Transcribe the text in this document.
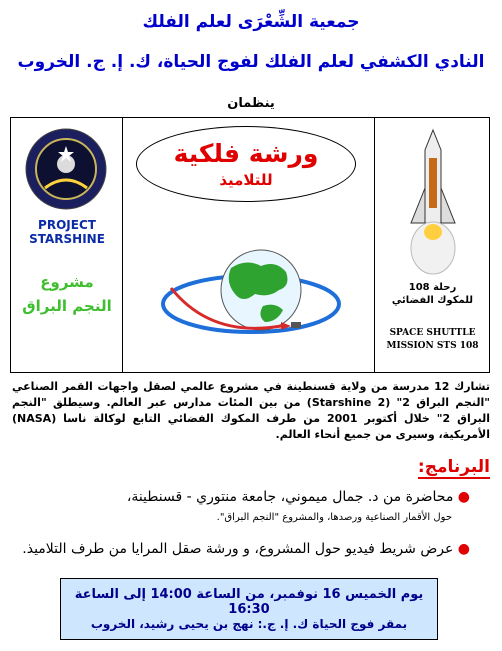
جمعية الشِّعْرَى لعلم الفلك
النادي الكشفي لعلم الفلك لفوج الحياة، ك. إ. ج. الخروب
ينظمان
PROJECT
STARSHINE
مشروع
النجم البراق
ورشة فلكية
للتلاميذ
رحلة 108
للمكوك الفضائي
SPACE SHUTTLE
MISSION STS 108
تشارك 12 مدرسة من ولاية قسنطينة في مشروع عالمي لصقل واجهات القمر الصناعي "النجم البراق 2" (Starshine 2) من بين المئات مدارس عبر العالم. وسيطلق "النجم البراق 2" خلال أكتوبر 2001 من طرف المكوك الفضائي التابع لوكالة ناسا (NASA) الأمريكية، وسيرى من جميع أنحاء العالم.
البرنامج:
● محاضرة من د. جمال ميموني، جامعة منتوري - قسنطينة،
حول الأقمار الصناعية ورصدها، والمشروع "النجم البراق".
● عرض شريط فيديو حول المشروع، و ورشة صقل المرايا من طرف التلاميذ.
يوم الخميس 16 نوفمبر، من الساعة 14:00 إلى الساعة 16:30
بمقر فوج الحياة ك. إ. ج.: نهج بن يحيى رشيد، الخروب
